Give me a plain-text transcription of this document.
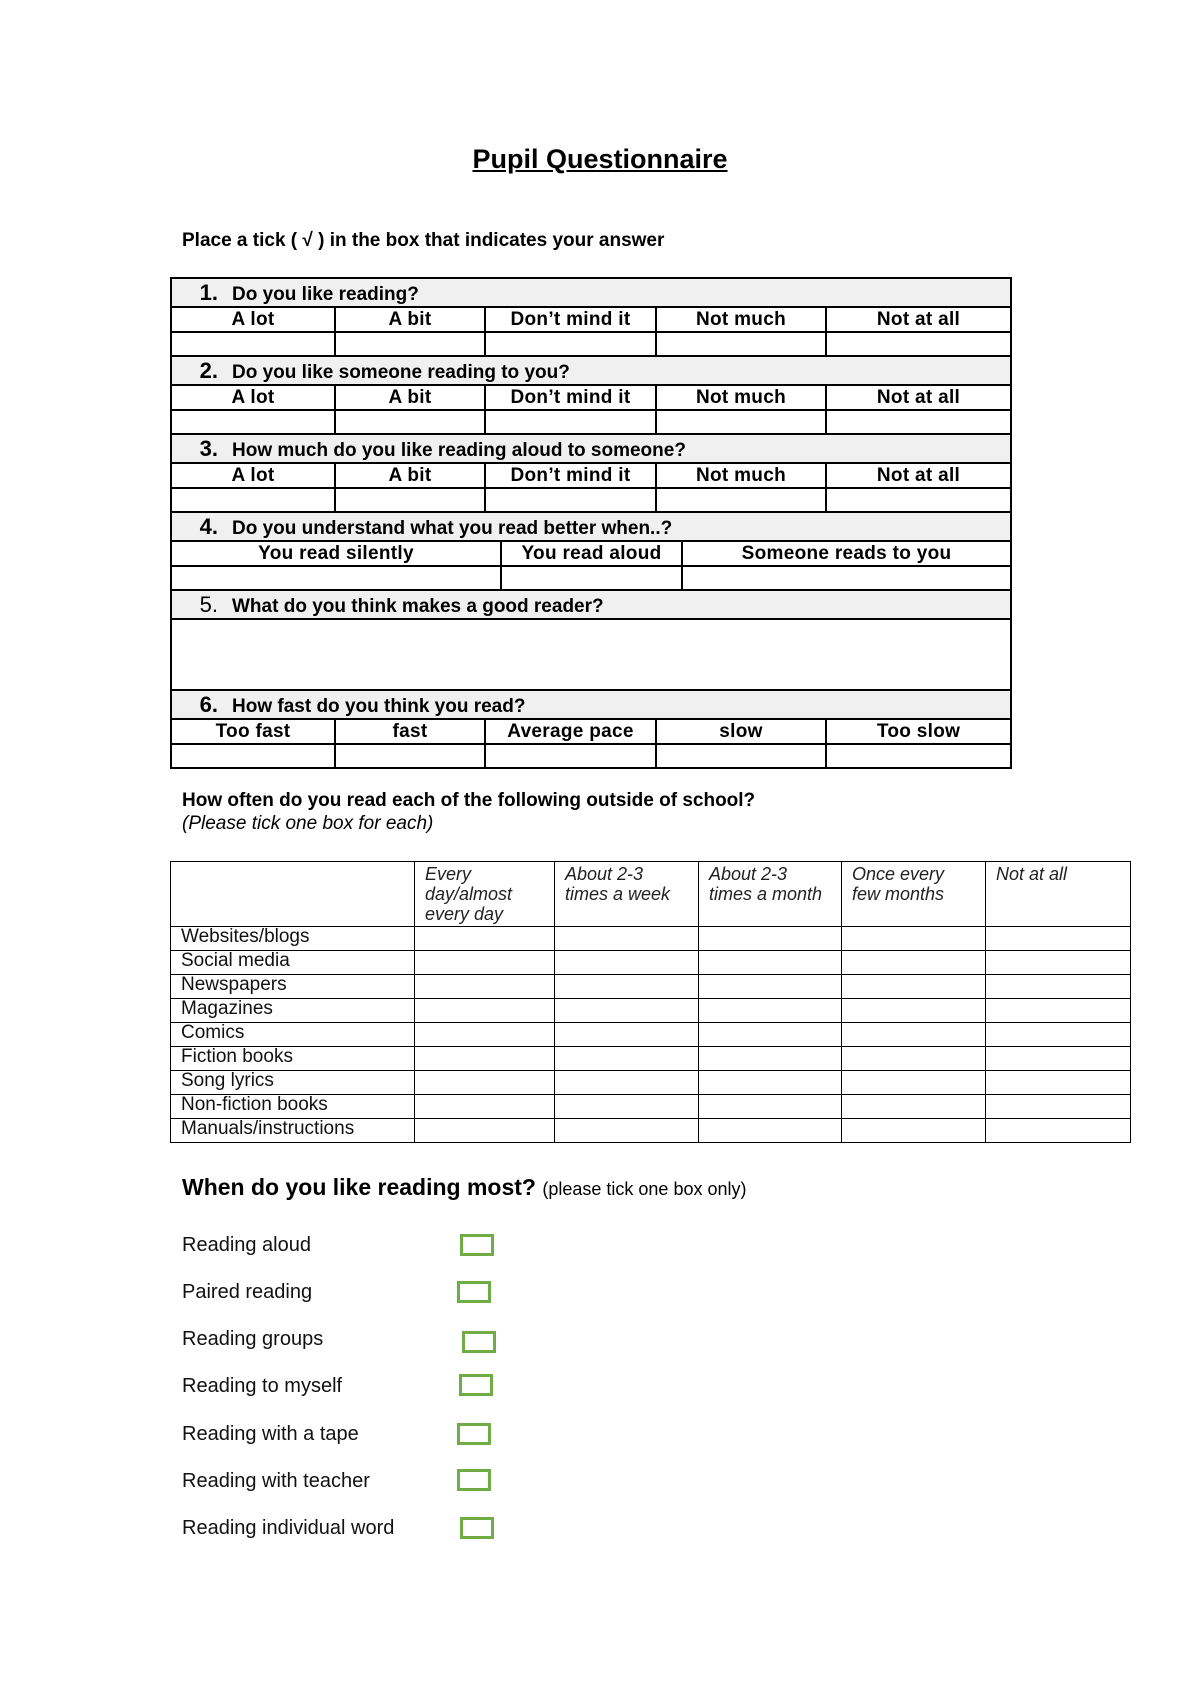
Pupil Questionnaire
Place a tick ( √ ) in the box that indicates your answer
1. Do you like reading?						
A lot	A bit	Don’t mind it		Not much		Not at all

2. Do you like someone reading to you?						
A lot	A bit	Don’t mind it		Not much		Not at all

3. How much do you like reading aloud to someone?						
A lot	A bit	Don’t mind it		Not much		Not at all

4. Do you understand what you read better when..?						
You read silently			You read aloud		Someone reads to you	

5. What do you think makes a good reader?						

6. How fast do you think you read?						
Too fast	fast	Average pace		slow		Too slow

How often do you read each of the following outside of school?
(Please tick one box for each)
	Every day/almost every day	About 2-3 times a week	About 2-3 times a month	Once every few months	Not at all
Websites/blogs					
Social media					
Newspapers					
Magazines					
Comics					
Fiction books					
Song lyrics					
Non-fiction books					
Manuals/instructions					
When do you like reading most? (please tick one box only)
Reading aloud
Paired reading
Reading groups
Reading to myself
Reading with a tape
Reading with teacher
Reading individual word
